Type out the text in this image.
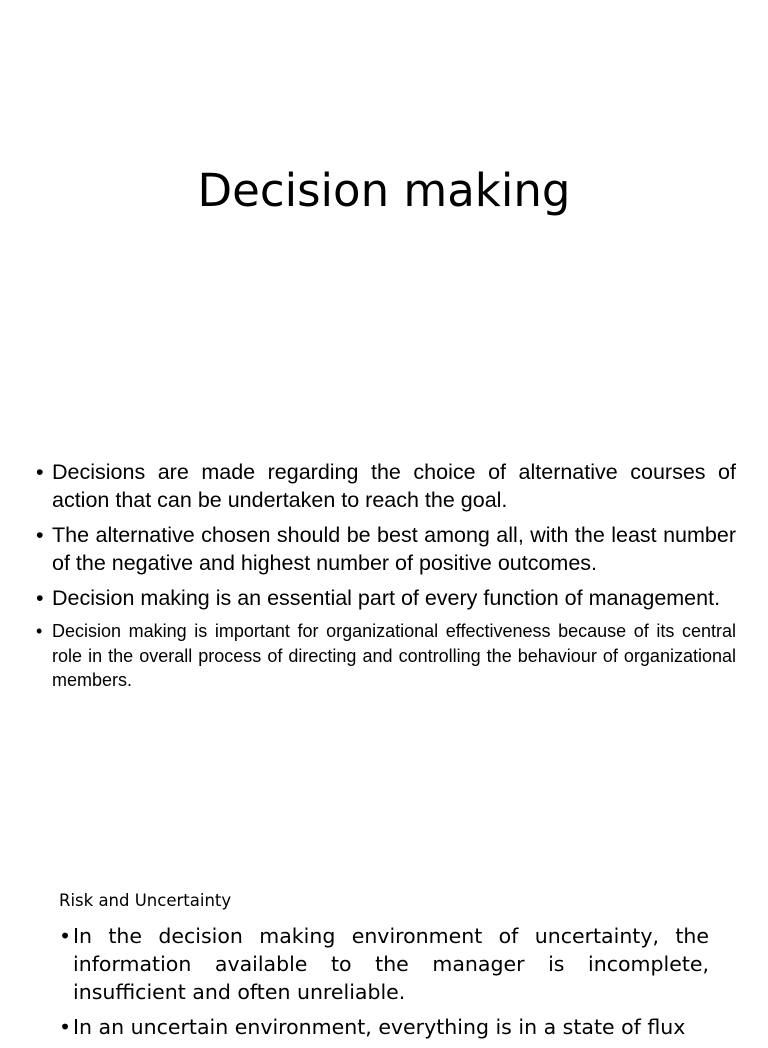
Decision making
• Decisions are made regarding the choice of alternative courses of action that can be undertaken to reach the goal.
• The alternative chosen should be best among all, with the least number of the negative and highest number of positive outcomes.
• Decision making is an essential part of every function of management.
• Decision making is important for organizational effectiveness because of its central role in the overall process of directing and controlling the behaviour of organizational members.
Risk and Uncertainty
• In the decision making environment of uncertainty, the information available to the manager is incomplete, insufficient and often unreliable.
• In an uncertain environment, everything is in a state of flux
